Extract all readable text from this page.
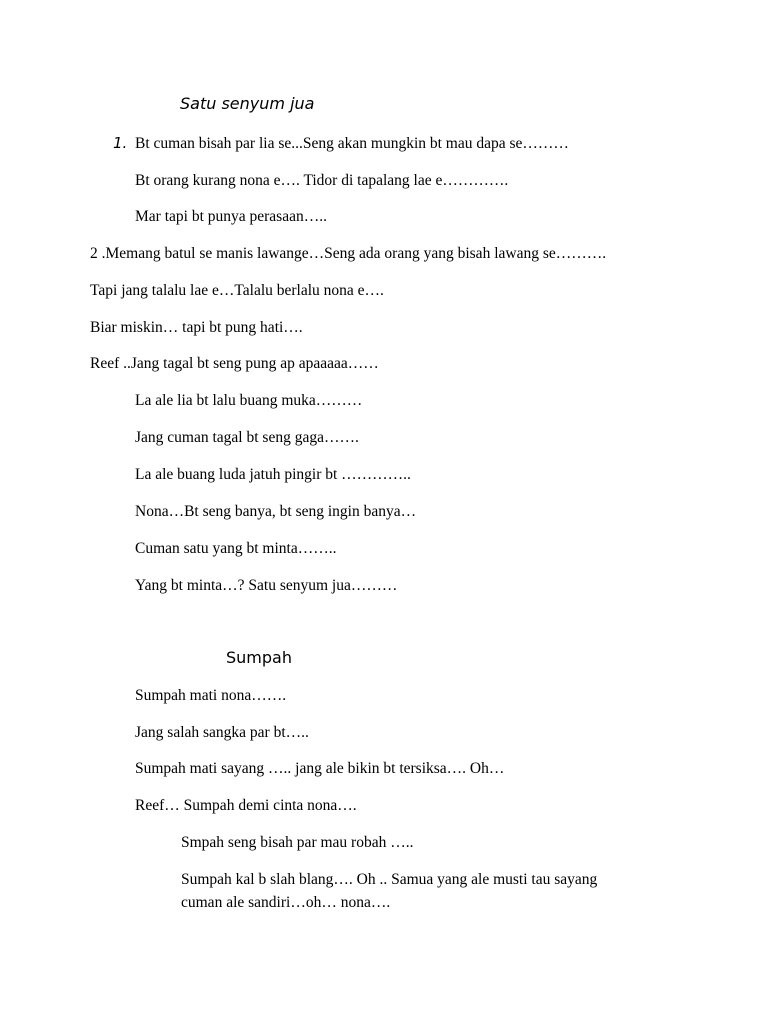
Satu senyum jua
1. Bt cuman bisah par lia se...Seng akan mungkin bt mau dapa se………
Bt orang kurang nona e…. Tidor di tapalang lae e………….
Mar tapi bt punya perasaan…..
2 .Memang batul se manis lawange…Seng ada orang yang bisah lawang se……….
Tapi jang talalu lae e…Talalu berlalu nona e….
Biar miskin… tapi bt pung hati….
Reef ..Jang tagal bt seng pung ap apaaaaa……
La ale lia bt lalu buang muka………
Jang cuman tagal bt seng gaga…….
La ale buang luda jatuh pingir bt …………..
Nona…Bt seng banya, bt seng ingin banya…
Cuman satu yang bt minta……..
Yang bt minta…? Satu senyum jua………
Sumpah
Sumpah mati nona…….
Jang salah sangka par bt…..
Sumpah mati sayang ….. jang ale bikin bt tersiksa…. Oh…
Reef… Sumpah demi cinta nona….
Smpah seng bisah par mau robah …..
Sumpah kal b slah blang…. Oh .. Samua yang ale musti tau sayang
cuman ale sandiri…oh… nona….
